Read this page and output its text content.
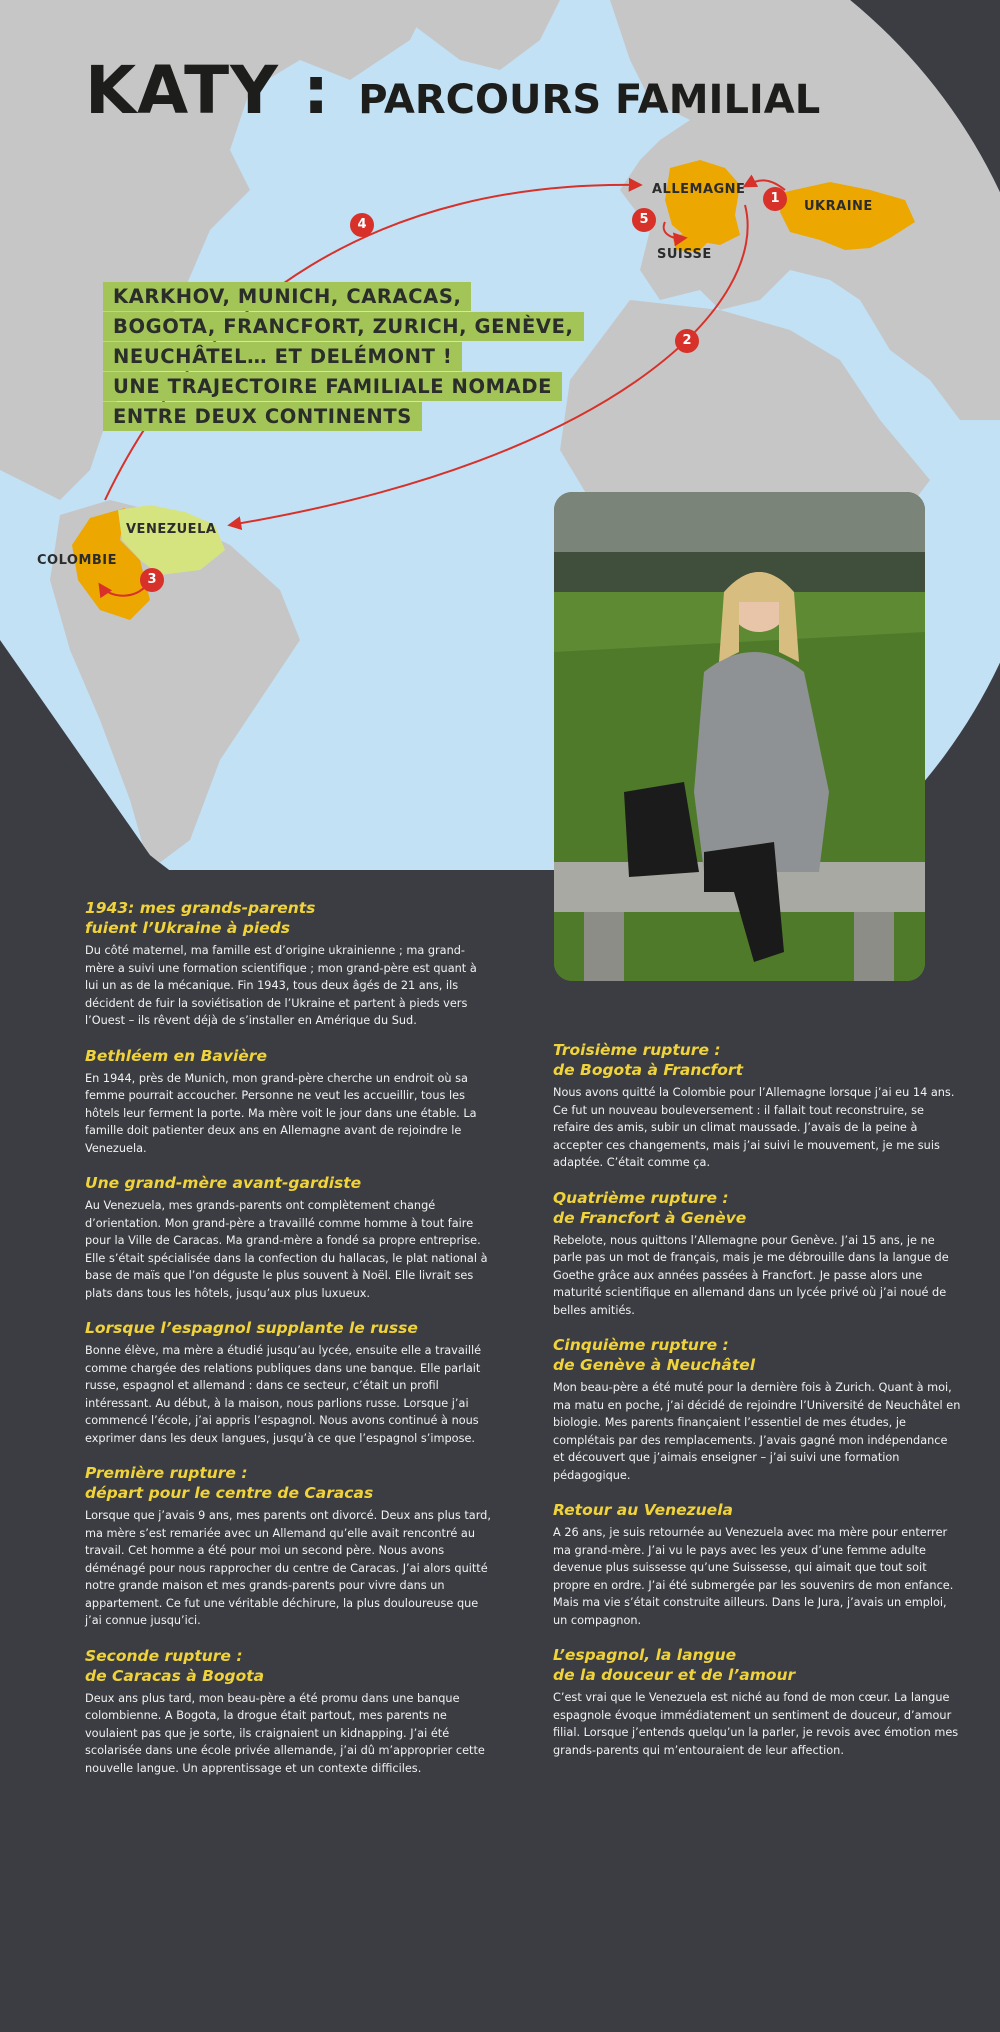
KATY : PARCOURS FAMILIAL
KARKHOV, MUNICH, CARACAS,
BOGOTA, FRANCFORT, ZURICH, GENÈVE,
NEUCHÂTEL… ET DELÉMONT !
UNE TRAJECTOIRE FAMILIALE NOMADE
ENTRE DEUX CONTINENTS
ALLEMAGNE
UKRAINE
SUISSE
VENEZUELA
COLOMBIE
1
2
3
4	5
1943: mes grands-parents
fuient l’Ukraine à pieds

Du côté maternel, ma famille est d’origine ukrainienne ; ma grand-mère a suivi une formation scientifique ; mon grand-père est quant à lui un as de la mécanique. Fin 1943, tous deux âgés de 21 ans, ils décident de fuir la soviétisation de l’Ukraine et partent à pieds vers l’Ouest – ils rêvent déjà de s’installer en Amérique du Sud.

Bethléem en Bavière

En 1944, près de Munich, mon grand-père cherche un endroit où sa femme pourrait accoucher. Personne ne veut les accueillir, tous les hôtels leur ferment la porte. Ma mère voit le jour dans une étable. La famille doit patienter deux ans en Allemagne avant de rejoindre le Venezuela.

Une grand-mère avant-gardiste

Au Venezuela, mes grands-parents ont complètement changé d’orientation. Mon grand-père a travaillé comme homme à tout faire pour la Ville de Caracas. Ma grand-mère a fondé sa propre entreprise. Elle s’était spécialisée dans la confection du hallacas, le plat national à base de maïs que l’on déguste le plus souvent à Noël. Elle livrait ses plats dans tous les hôtels, jusqu’aux plus luxueux.

Lorsque l’espagnol supplante le russe

Bonne élève, ma mère a étudié jusqu’au lycée, ensuite elle a travaillé comme chargée des relations publiques dans une banque. Elle parlait russe, espagnol et allemand : dans ce secteur, c’était un profil intéressant. Au début, à la maison, nous parlions russe. Lorsque j’ai commencé l’école, j’ai appris l’espagnol. Nous avons continué à nous exprimer dans les deux langues, jusqu’à ce que l’espagnol s’impose.

Première rupture :
départ pour le centre de Caracas

Lorsque que j’avais 9 ans, mes parents ont divorcé. Deux ans plus tard, ma mère s’est remariée avec un Allemand qu’elle avait rencontré au travail. Cet homme a été pour moi un second père. Nous avons déménagé pour nous rapprocher du centre de Caracas. J’ai alors quitté notre grande maison et mes grands-parents pour vivre dans un appartement. Ce fut une véritable déchirure, la plus douloureuse que j’ai connue jusqu’ici.

Seconde rupture :
de Caracas à Bogota

Deux ans plus tard, mon beau-père a été promu dans une banque colombienne. A Bogota, la drogue était partout, mes parents ne voulaient pas que je sorte, ils craignaient un kidnapping. J’ai été scolarisée dans une école privée allemande, j’ai dû m’approprier cette nouvelle langue. Un apprentissage et un contexte difficiles.

Troisième rupture :
de Bogota à Francfort

Nous avons quitté la Colombie pour l’Allemagne lorsque j’ai eu 14 ans. Ce fut un nouveau bouleversement : il fallait tout reconstruire, se refaire des amis, subir un climat maussade. J’avais de la peine à accepter ces changements, mais j’ai suivi le mouvement, je me suis adaptée. C’était comme ça.

Quatrième rupture :
de Francfort à Genève

Rebelote, nous quittons l’Allemagne pour Genève. J’ai 15 ans, je ne parle pas un mot de français, mais je me débrouille dans la langue de Goethe grâce aux années passées à Francfort. Je passe alors une maturité scientifique en allemand dans un lycée privé où j’ai noué de belles amitiés.

Cinquième rupture :
de Genève à Neuchâtel

Mon beau-père a été muté pour la dernière fois à Zurich. Quant à moi, ma matu en poche, j’ai décidé de rejoindre l’Université de Neuchâtel en biologie. Mes parents finançaient l’essentiel de mes études, je complétais par des remplacements. J’avais gagné mon indépendance et découvert que j’aimais enseigner – j’ai suivi une formation pédagogique.

Retour au Venezuela

A 26 ans, je suis retournée au Venezuela avec ma mère pour enterrer ma grand-mère. J’ai vu le pays avec les yeux d’une femme adulte devenue plus suissesse qu’une Suissesse, qui aimait que tout soit propre en ordre. J’ai été submergée par les souvenirs de mon enfance. Mais ma vie s’était construite ailleurs. Dans le Jura, j’avais un emploi, un compagnon.

L’espagnol, la langue
de la douceur et de l’amour

C’est vrai que le Venezuela est niché au fond de mon cœur. La langue espagnole évoque immédiatement un sentiment de douceur, d’amour filial. Lorsque j’entends quelqu’un la parler, je revois avec émotion mes grands-parents qui m’entouraient de leur affection.
